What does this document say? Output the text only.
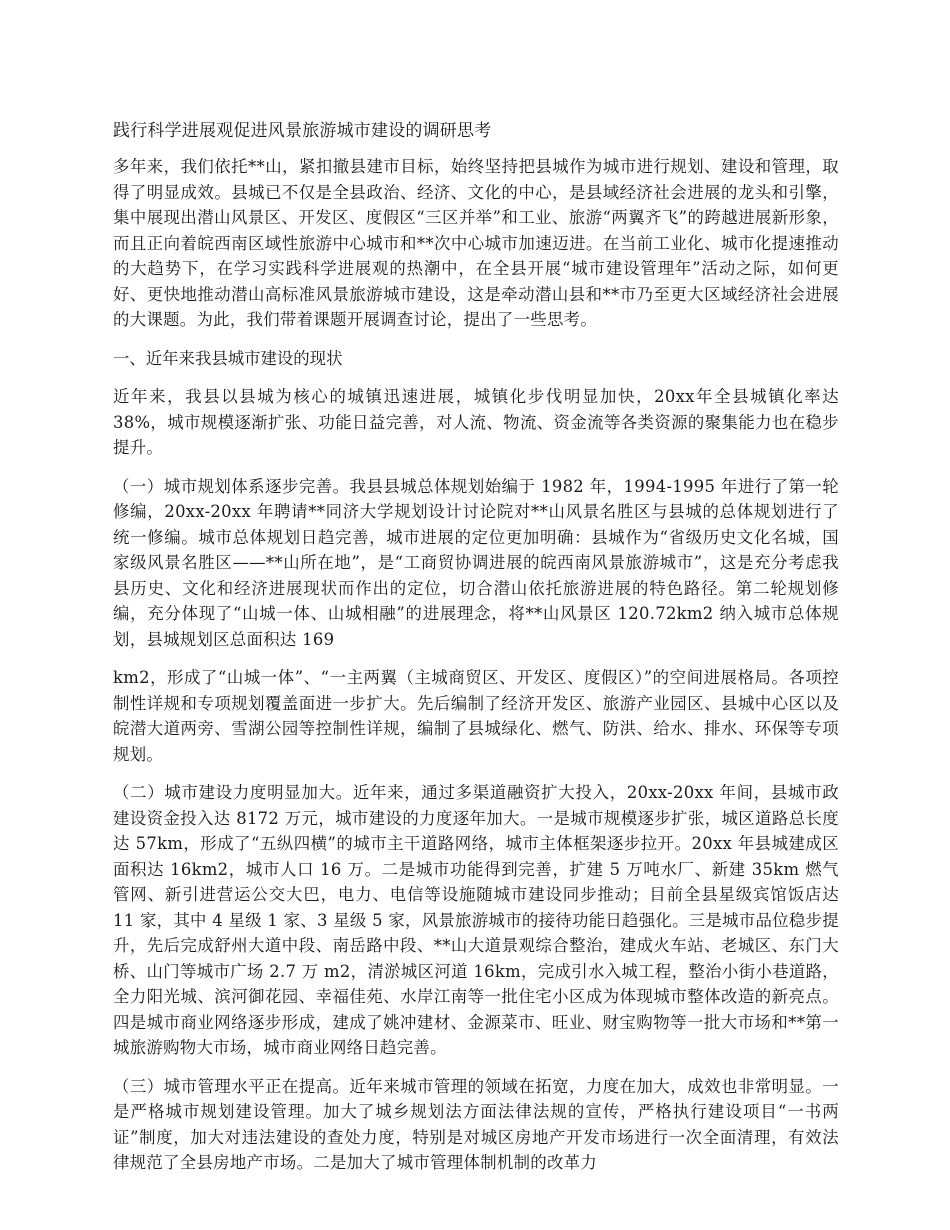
践行科学进展观促进风景旅游城市建设的调研思考

多年来，我们依托**山，紧扣撤县建市目标，始终坚持把县城作为城市进行规划、建设和管理，取得了明显成效。县城已不仅是全县政治、经济、文化的中心，是县域经济社会进展的龙头和引擎，集中展现出潜山风景区、开发区、度假区“三区并举”和工业、旅游“两翼齐飞”的跨越进展新形象，而且正向着皖西南区域性旅游中心城市和**次中心城市加速迈进。在当前工业化、城市化提速推动的大趋势下，在学习实践科学进展观的热潮中，在全县开展“城市建设管理年”活动之际，如何更好、更快地推动潜山高标准风景旅游城市建设，这是牵动潜山县和**市乃至更大区域经济社会进展的大课题。为此，我们带着课题开展调查讨论，提出了一些思考。

一、近年来我县城市建设的现状

近年来，我县以县城为核心的城镇迅速进展，城镇化步伐明显加快，20xx年全县城镇化率达 38%，城市规模逐渐扩张、功能日益完善，对人流、物流、资金流等各类资源的聚集能力也在稳步提升。

（一）城市规划体系逐步完善。我县县城总体规划始编于 1982 年，1994-1995 年进行了第一轮修编，20xx-20xx 年聘请**同济大学规划设计讨论院对**山风景名胜区与县城的总体规划进行了统一修编。城市总体规划日趋完善，城市进展的定位更加明确：县城作为“省级历史文化名城，国家级风景名胜区——**山所在地”，是“工商贸协调进展的皖西南风景旅游城市”，这是充分考虑我县历史、文化和经济进展现状而作出的定位，切合潜山依托旅游进展的特色路径。第二轮规划修编，充分体现了“山城一体、山城相融”的进展理念，将**山风景区 120.72km2 纳入城市总体规划，县城规划区总面积达 169

km2，形成了“山城一体”、“一主两翼（主城商贸区、开发区、度假区）”的空间进展格局。各项控制性详规和专项规划覆盖面进一步扩大。先后编制了经济开发区、旅游产业园区、县城中心区以及皖潜大道两旁、雪湖公园等控制性详规，编制了县城绿化、燃气、防洪、给水、排水、环保等专项规划。

（二）城市建设力度明显加大。近年来，通过多渠道融资扩大投入，20xx-20xx 年间，县城市政建设资金投入达 8172 万元，城市建设的力度逐年加大。一是城市规模逐步扩张，城区道路总长度达 57km，形成了“五纵四横”的城市主干道路网络，城市主体框架逐步拉开。20xx 年县城建成区面积达 16km2，城市人口 16 万。二是城市功能得到完善，扩建 5 万吨水厂、新建 35km 燃气管网、新引进营运公交大巴，电力、电信等设施随城市建设同步推动；目前全县星级宾馆饭店达 11 家，其中 4 星级 1 家、3 星级 5 家，风景旅游城市的接待功能日趋强化。三是城市品位稳步提升，先后完成舒州大道中段、南岳路中段、**山大道景观综合整治，建成火车站、老城区、东门大桥、山门等城市广场 2.7 万 m2，清淤城区河道 16km，完成引水入城工程，整治小街小巷道路，全力阳光城、滨河御花园、幸福佳苑、水岸江南等一批住宅小区成为体现城市整体改造的新亮点。四是城市商业网络逐步形成，建成了姚冲建材、金源菜市、旺业、财宝购物等一批大市场和**第一城旅游购物大市场，城市商业网络日趋完善。

（三）城市管理水平正在提高。近年来城市管理的领域在拓宽，力度在加大，成效也非常明显。一是严格城市规划建设管理。加大了城乡规划法方面法律法规的宣传，严格执行建设项目“一书两证”制度，加大对违法建设的查处力度，特别是对城区房地产开发市场进行一次全面清理，有效法律规范了全县房地产市场。二是加大了城市管理体制机制的改革力
